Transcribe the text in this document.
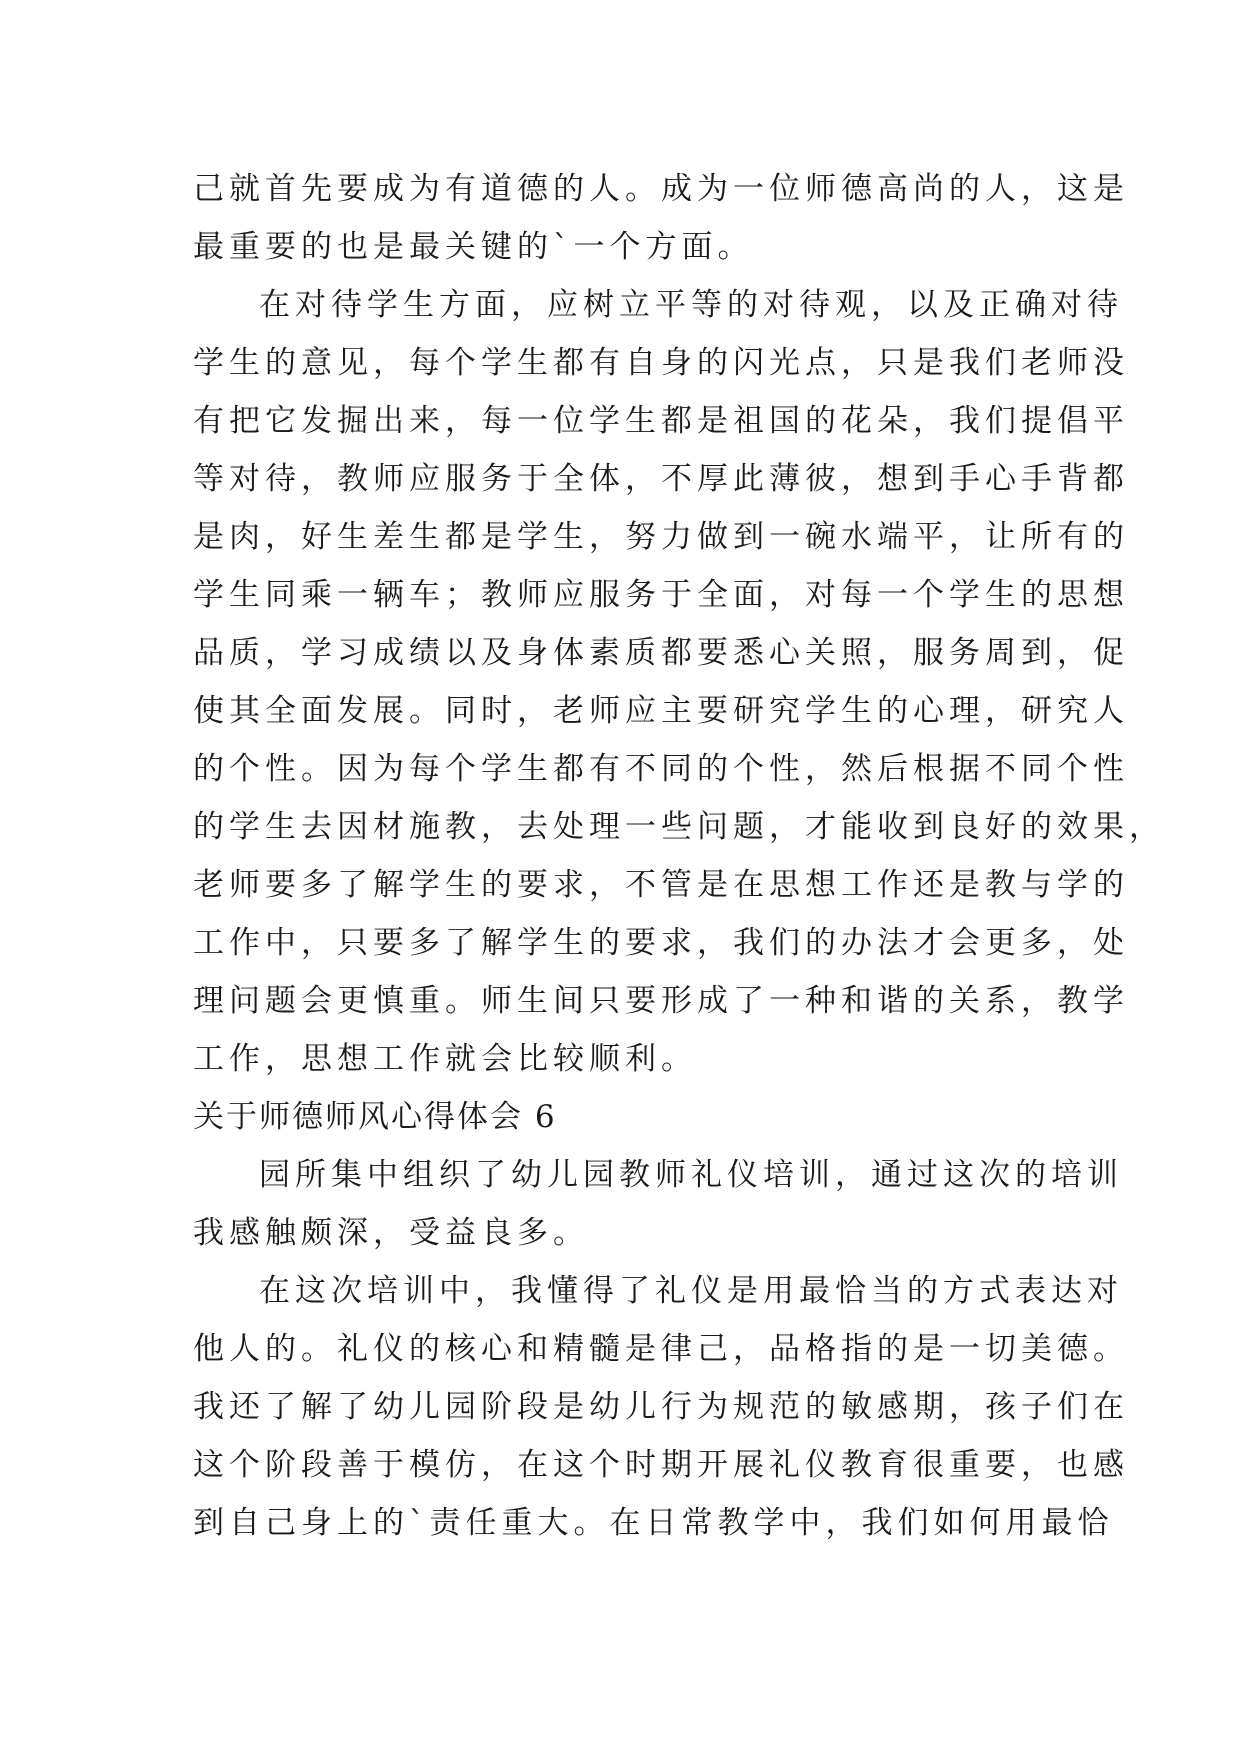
己就首先要成为有道德的人。成为一位师德高尚的人，这是
最重要的也是最关键的`一个方面。
在对待学生方面，应树立平等的对待观，以及正确对待
学生的意见，每个学生都有自身的闪光点，只是我们老师没
有把它发掘出来，每一位学生都是祖国的花朵，我们提倡平
等对待，教师应服务于全体，不厚此薄彼，想到手心手背都
是肉，好生差生都是学生，努力做到一碗水端平，让所有的
学生同乘一辆车；教师应服务于全面，对每一个学生的思想
品质，学习成绩以及身体素质都要悉心关照，服务周到，促
使其全面发展。同时，老师应主要研究学生的心理，研究人
的个性。因为每个学生都有不同的个性，然后根据不同个性
的学生去因材施教，去处理一些问题，才能收到良好的效果，
老师要多了解学生的要求，不管是在思想工作还是教与学的
工作中，只要多了解学生的要求，我们的办法才会更多，处
理问题会更慎重。师生间只要形成了一种和谐的关系，教学
工作，思想工作就会比较顺利。
关于师德师风心得体会 6
园所集中组织了幼儿园教师礼仪培训，通过这次的培训
我感触颇深，受益良多。
在这次培训中，我懂得了礼仪是用最恰当的方式表达对
他人的。礼仪的核心和精髓是律己，品格指的是一切美德。
我还了解了幼儿园阶段是幼儿行为规范的敏感期，孩子们在
这个阶段善于模仿，在这个时期开展礼仪教育很重要，也感
到自己身上的`责任重大。在日常教学中，我们如何用最恰
